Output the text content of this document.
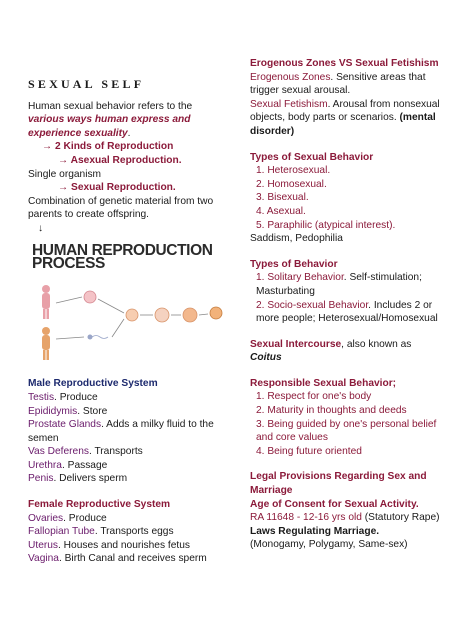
SEXUAL SELF
Human sexual behavior refers to the various ways human express and experience sexuality.
→ 2 Kinds of Reproduction
→ Asexual Reproduction.
Single organism
→ Sexual Reproduction.
Combination of genetic material from two parents to create offspring.
↓
HUMAN REPRODUCTION PROCESS
Male Reproductive System
Testis. Produce
Epididymis. Store
Prostate Glands. Adds a milky fluid to the semen
Vas Deferens. Transports
Urethra. Passage
Penis. Delivers sperm
Female Reproductive System
Ovaries. Produce
Fallopian Tube. Transports eggs
Uterus. Houses and nourishes fetus
Vagina. Birth Canal and receives sperm
Erogenous Zones VS Sexual Fetishism
Erogenous Zones. Sensitive areas that trigger sexual arousal.
Sexual Fetishism. Arousal from nonsexual objects, body parts or scenarios. (mental disorder)
Types of Sexual Behavior
1. Heterosexual.
2. Homosexual.
3. Bisexual.
4. Asexual.
5. Paraphilic (atypical interest).
Saddism, Pedophilia
Types of Behavior
1. Solitary Behavior. Self-stimulation; Masturbating
2. Socio-sexual Behavior. Includes 2 or more people; Heterosexual/Homosexual
Sexual Intercourse, also known as
Coitus
Responsible Sexual Behavior;
1. Respect for one's body
2. Maturity in thoughts and deeds
3. Being guided by one's personal belief and core values
4. Being future oriented
Legal Provisions Regarding Sex and Marriage
Age of Consent for Sexual Activity.
RA 11648 - 12-16 yrs old (Statutory Rape)
Laws Regulating Marriage.
(Monogamy, Polygamy, Same-sex)
